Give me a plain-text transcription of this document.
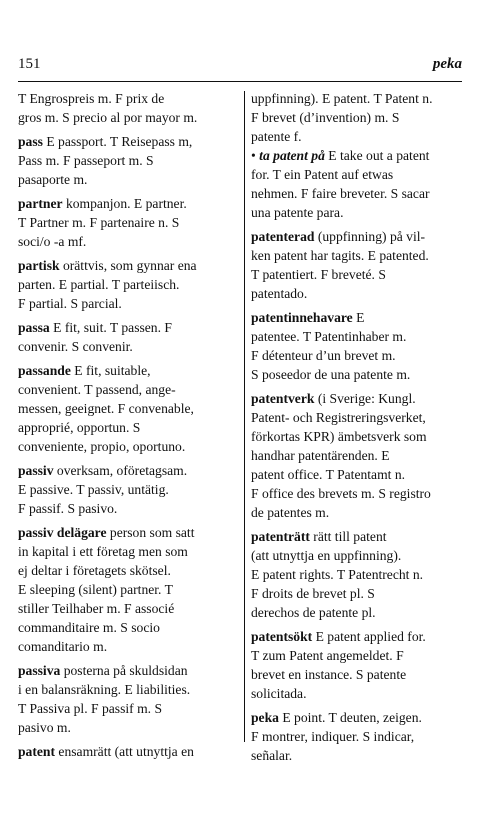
151	peka
T Engrospreis m. F prix de
gros m. S precio al por mayor m.
pass E passport. T Reisepass m,
Pass m. F passeport m. S
pasaporte m.
partner kompanjon. E partner.
T Partner m. F partenaire n. S
soci/o -a mf.
partisk orättvis, som gynnar ena
parten. E partial. T parteiisch.
F partial. S parcial.
passa E fit, suit. T passen. F
convenir. S convenir.
passande E fit, suitable,
convenient. T passend, ange-
messen, geeignet. F convenable,
approprié, opportun. S
conveniente, propio, oportuno.
passiv overksam, oföretagsam.
E passive. T passiv, untätig.
F passif. S pasivo.
passiv delägare person som satt
in kapital i ett företag men som
ej deltar i företagets skötsel.
E sleeping (silent) partner. T
stiller Teilhaber m. F associé
commanditaire m. S socio
comanditario m.
passiva posterna på skuldsidan
i en balansräkning. E liabilities.
T Passiva pl. F passif m. S
pasivo m.
patent ensamrätt (att utnyttja en
uppfinning). E patent. T Patent n.
F brevet (d’invention) m. S
patente f.
• ta patent på E take out a patent
for. T ein Patent auf etwas
nehmen. F faire breveter. S sacar
una patente para.
patenterad (uppfinning) på vil-
ken patent har tagits. E patented.
T patentiert. F breveté. S
patentado.
patentinnehavare E
patentee. T Patentinhaber m.
F détenteur d’un brevet m.
S poseedor de una patente m.
patentverk (i Sverige: Kungl.
Patent- och Registreringsverket,
förkortas KPR) ämbetsverk som
handhar patentärenden. E
patent office. T Patentamt n.
F office des brevets m. S registro
de patentes m.
patenträtt rätt till patent
(att utnyttja en uppfinning).
E patent rights. T Patentrecht n.
F droits de brevet pl. S
derechos de patente pl.
patentsökt E patent applied for.
T zum Patent angemeldet. F
brevet en instance. S patente
solicitada.
peka E point. T deuten, zeigen.
F montrer, indiquer. S indicar,
señalar.
